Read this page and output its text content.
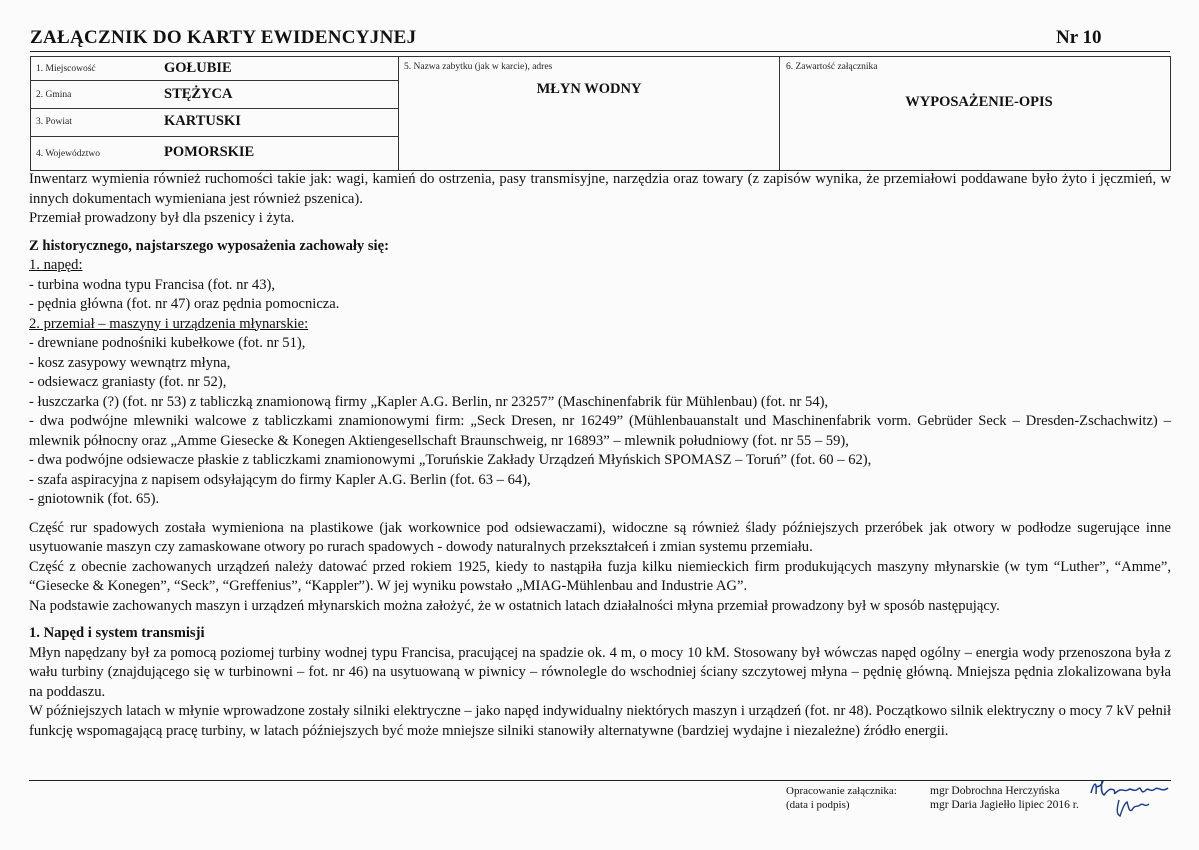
ZAŁĄCZNIK DO KARTY EWIDENCYJNEJ	Nr 10
1. Miejscowość	GOŁUBIE
2. Gmina	STĘŻYCA
3. Powiat	KARTUSKI
4. Województwo	POMORSKIE
5. Nazwa zabytku (jak w karcie), adres
MŁYN WODNY
6. Zawartość załącznika
WYPOSAŻENIE-OPIS

Inwentarz wymienia również ruchomości takie jak: wagi, kamień do ostrzenia, pasy transmisyjne, narzędzia oraz towary (z zapisów wynika, że przemiałowi poddawane było żyto i jęczmień, w innych dokumentach wymieniana jest również pszenica).

Przemiał prowadzony był dla pszenicy i żyta.

Z historycznego, najstarszego wyposażenia zachowały się:

1. napęd:

- turbina wodna typu Francisa (fot. nr 43),

- pędnia główna (fot. nr 47) oraz pędnia pomocnicza.

2. przemiał – maszyny i urządzenia młynarskie:

- drewniane podnośniki kubełkowe (fot. nr 51),

- kosz zasypowy wewnątrz młyna,

- odsiewacz graniasty (fot. nr 52),

- łuszczarka (?) (fot. nr 53) z tabliczką znamionową firmy „Kapler A.G. Berlin, nr 23257” (Maschinenfabrik für Mühlenbau) (fot. nr 54),

- dwa podwójne mlewniki walcowe z tabliczkami znamionowymi firm: „Seck Dresen, nr 16249” (Mühlenbauanstalt und Maschinenfabrik vorm. Gebrüder Seck – Dresden-Zschachwitz) – mlewnik północny oraz „Amme Giesecke & Konegen Aktiengesellschaft Braunschweig, nr 16893” – mlewnik południowy (fot. nr 55 – 59),

- dwa podwójne odsiewacze płaskie z tabliczkami znamionowymi „Toruńskie Zakłady Urządzeń Młyńskich SPOMASZ – Toruń” (fot. 60 – 62),

- szafa aspiracyjna z napisem odsyłającym do firmy Kapler A.G. Berlin (fot. 63 – 64),

- gniotownik (fot. 65).

Część rur spadowych została wymieniona na plastikowe (jak workownice pod odsiewaczami), widoczne są również ślady późniejszych przeróbek jak otwory w podłodze sugerujące inne usytuowanie maszyn czy zamaskowane otwory po rurach spadowych - dowody naturalnych przekształceń i zmian systemu przemiału.

Część z obecnie zachowanych urządzeń należy datować przed rokiem 1925, kiedy to nastąpiła fuzja kilku niemieckich firm produkujących maszyny młynarskie (w tym “Luther”, “Amme”, “Giesecke & Konegen”, “Seck”, “Greffenius”, “Kappler”). W jej wyniku powstało „MIAG-Mühlenbau and Industrie AG”.

Na podstawie zachowanych maszyn i urządzeń młynarskich można założyć, że w ostatnich latach działalności młyna przemiał prowadzony był w sposób następujący.

1. Napęd i system transmisji

Młyn napędzany był za pomocą poziomej turbiny wodnej typu Francisa, pracującej na spadzie ok. 4 m, o mocy 10 kM. Stosowany był wówczas napęd ogólny – energia wody przenoszona była z wału turbiny (znajdującego się w turbinowni – fot. nr 46) na usytuowaną w piwnicy – równolegle do wschodniej ściany szczytowej młyna – pędnię główną. Mniejsza pędnia zlokalizowana była na poddaszu.

W późniejszych latach w młynie wprowadzone zostały silniki elektryczne – jako napęd indywidualny niektórych maszyn i urządzeń (fot. nr 48). Początkowo silnik elektryczny o mocy 7 kV pełnił funkcję wspomagającą pracę turbiny, w latach późniejszych być może mniejsze silniki stanowiły alternatywne (bardziej wydajne i niezależne) źródło energii.

Opracowanie załącznika:
(data i podpis)
mgr Dobrochna Herczyńska
mgr Daria Jagiełło lipiec 2016 r.
